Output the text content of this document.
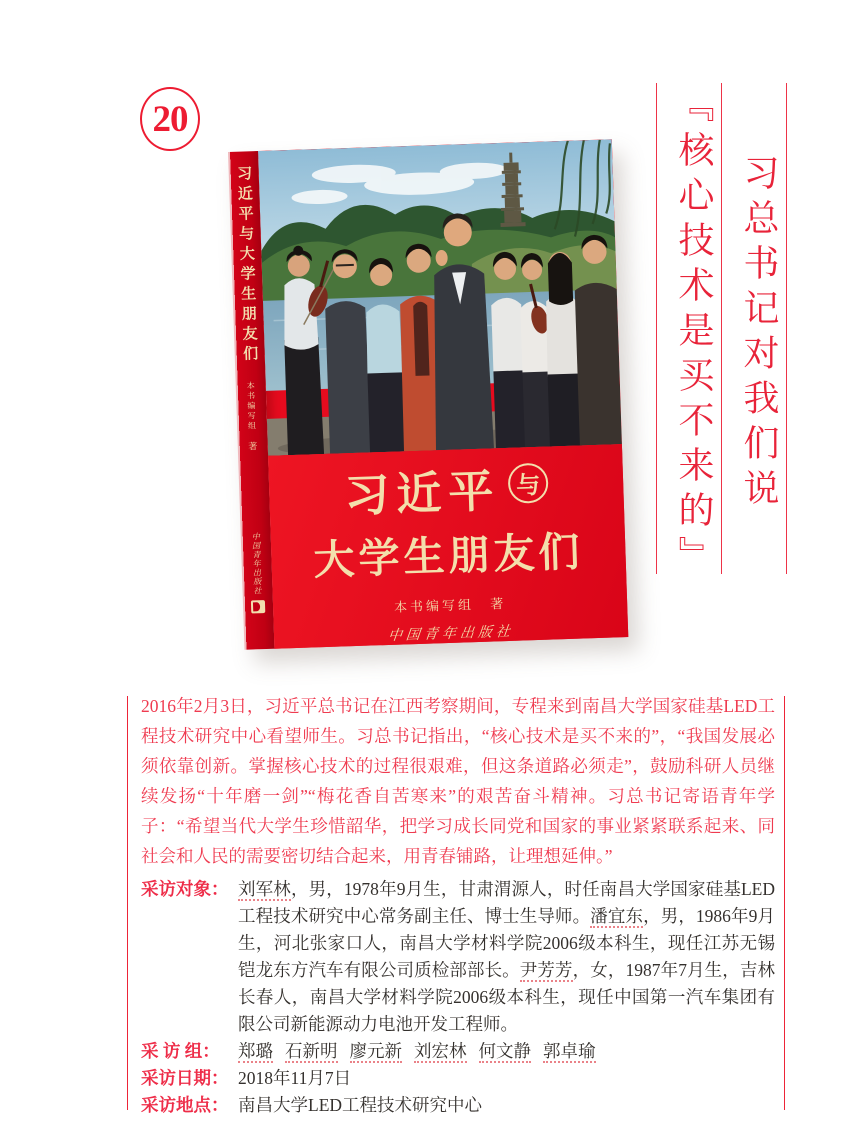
20
习近平与大学生朋友们
本书编写组
著
中国青年出版社
习近平 与
大学生朋友们
本书编写组 著
中国青年出版社
习总书记对我们说
『核心技术是买不来的』
2016年2月3日，习近平总书记在江西考察期间，专程来到南昌大学国家硅基LED工程技术研究中心看望师生。习总书记指出，“核心技术是买不来的”，“我国发展必须依靠创新。掌握核心技术的过程很艰难，但这条道路必须走”，鼓励科研人员继续发扬“十年磨一剑”“梅花香自苦寒来”的艰苦奋斗精神。习总书记寄语青年学子：“希望当代大学生珍惜韶华，把学习成长同党和国家的事业紧紧联系起来、同社会和人民的需要密切结合起来，用青春铺路，让理想延伸。”
采访对象： 刘军林，男，1978年9月生，甘肃渭源人，时任南昌大学国家硅基LED工程技术研究中心常务副主任、博士生导师。潘宜东，男，1986年9月生，河北张家口人，南昌大学材料学院2006级本科生，现任江苏无锡铠龙东方汽车有限公司质检部部长。尹芳芳，女，1987年7月生，吉林长春人，南昌大学材料学院2006级本科生，现任中国第一汽车集团有限公司新能源动力电池开发工程师。
采 访 组：	郑璐 石新明 廖元新 刘宏林 何文静 郭卓瑜
采访日期： 2018年11月7日
采访地点： 南昌大学LED工程技术研究中心
